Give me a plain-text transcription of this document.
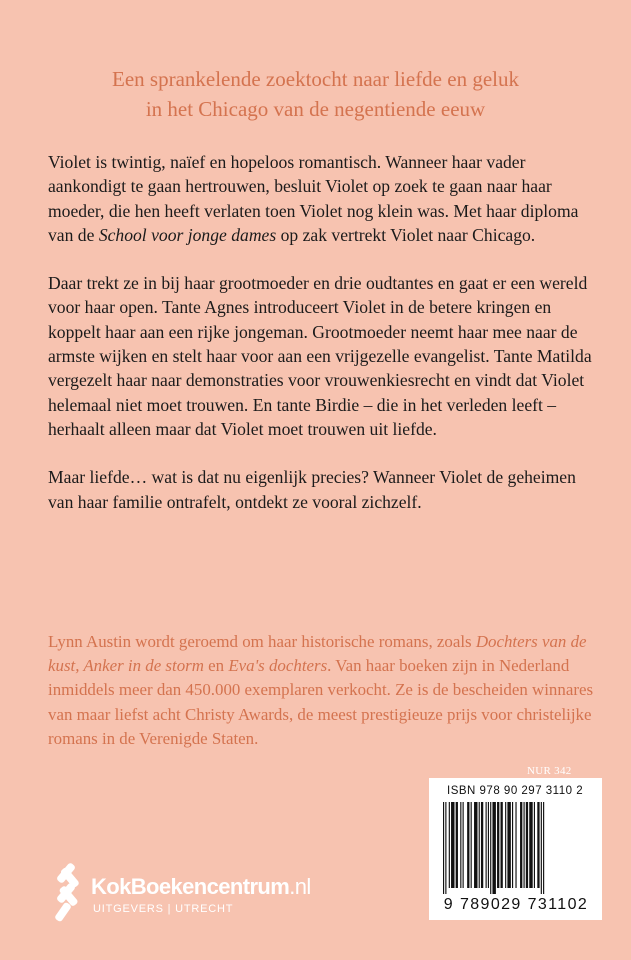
Een sprankelende zoektocht naar liefde en geluk
in het Chicago van de negentiende eeuw

Violet is twintig, naïef en hopeloos romantisch. Wanneer haar vader aankondigt te gaan hertrouwen, besluit Violet op zoek te gaan naar haar moeder, die hen heeft verlaten toen Violet nog klein was. Met haar diploma van de School voor jonge dames op zak vertrekt Violet naar Chicago.

Daar trekt ze in bij haar grootmoeder en drie oudtantes en gaat er een wereld voor haar open. Tante Agnes introduceert Violet in de betere kringen en koppelt haar aan een rijke jongeman. Grootmoeder neemt haar mee naar de armste wijken en stelt haar voor aan een vrijgezelle evangelist. Tante Matilda vergezelt haar naar demonstraties voor vrouwenkiesrecht en vindt dat Violet helemaal niet moet trouwen. En tante Birdie – die in het verleden leeft – herhaalt alleen maar dat Violet moet trouwen uit liefde.

Maar liefde… wat is dat nu eigenlijk precies? Wanneer Violet de geheimen van haar familie ontrafelt, ontdekt ze vooral zichzelf.

Lynn Austin wordt geroemd om haar historische romans, zoals Dochters van de kust, Anker in de storm en Eva's dochters. Van haar boeken zijn in Nederland inmiddels meer dan 450.000 exemplaren verkocht. Ze is de bescheiden winnares van maar liefst acht Christy Awards, de meest prestigieuze prijs voor christelijke romans in de Verenigde Staten.
NUR 342
ISBN 978 90 297 3110 2
9 789029 731102
KokBoekencentrum.nl
UITGEVERS | UTRECHT
